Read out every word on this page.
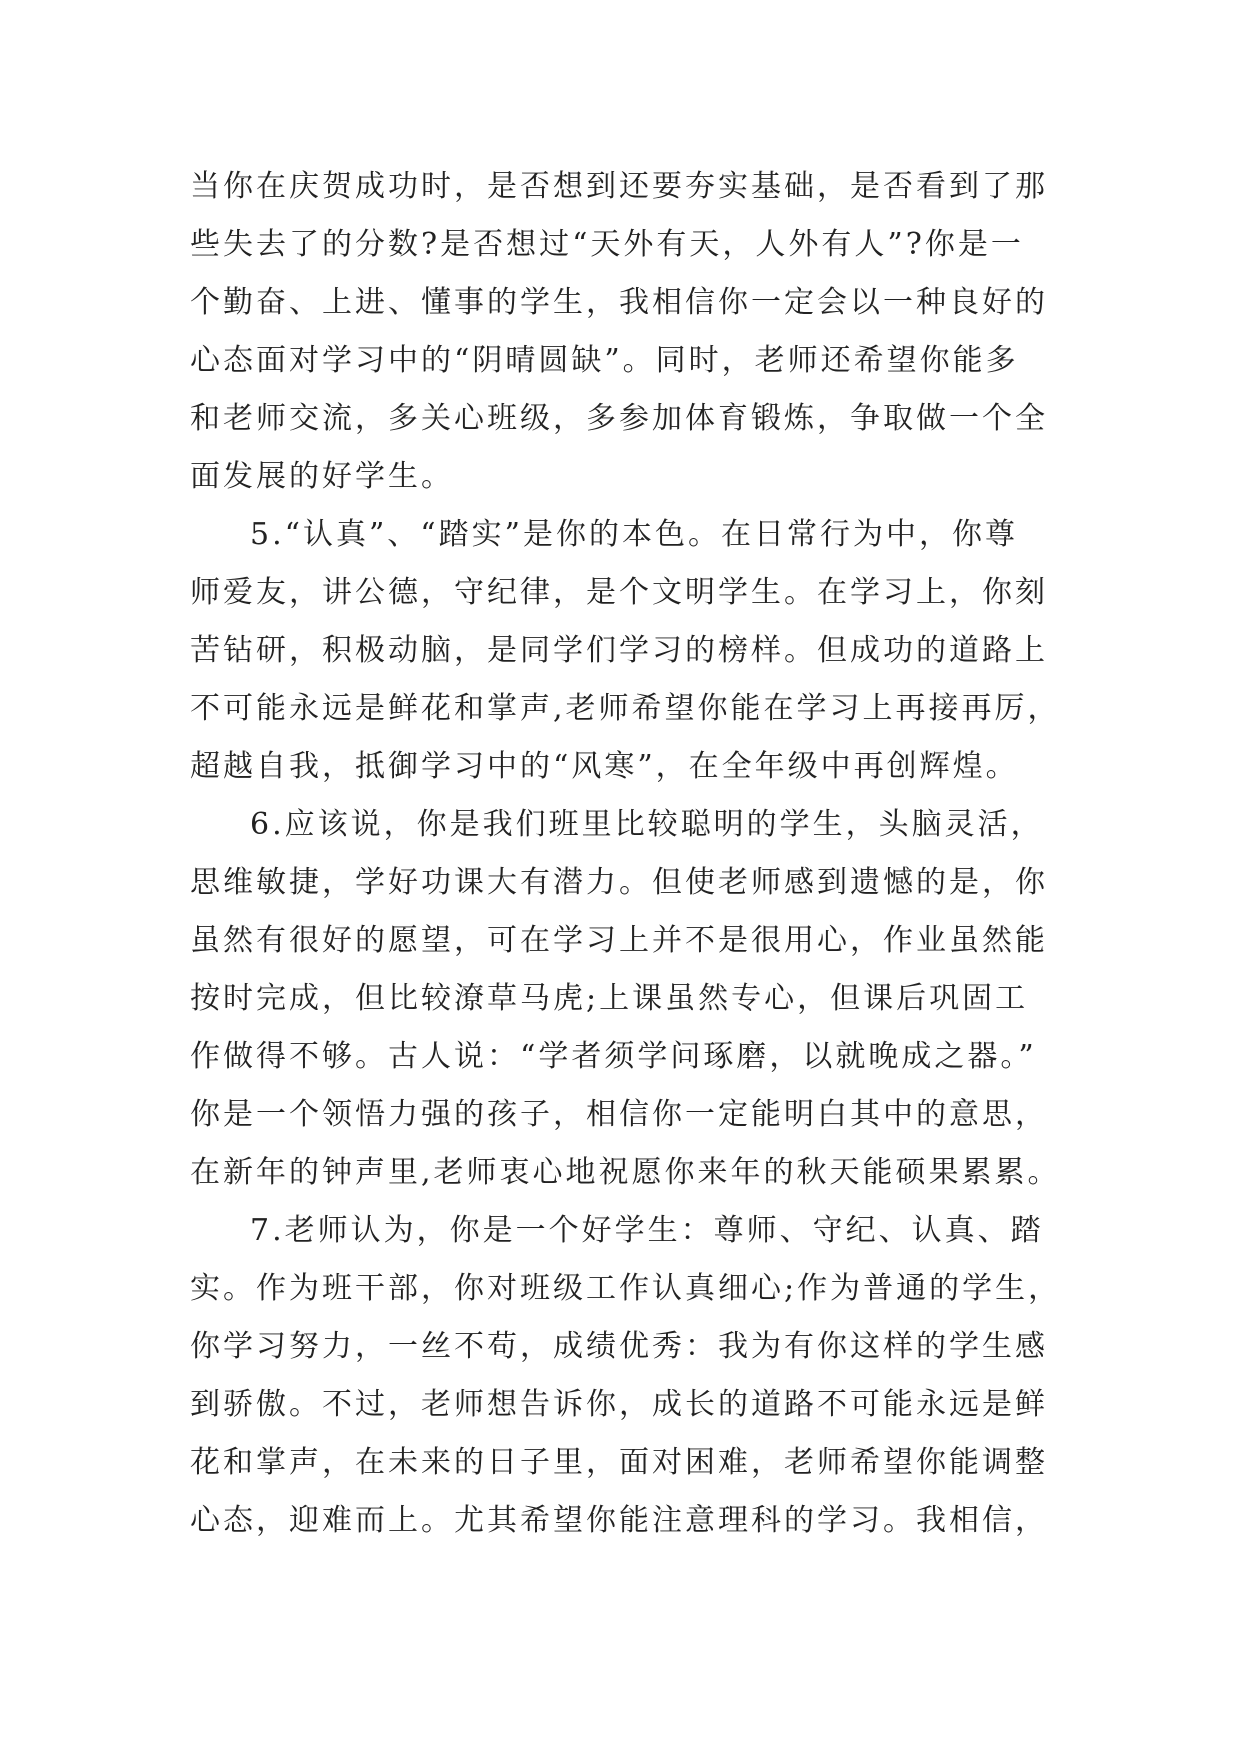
当你在庆贺成功时，是否想到还要夯实基础，是否看到了那
些失去了的分数?是否想过“天外有天，人外有人”?你是一
个勤奋、上进、懂事的学生，我相信你一定会以一种良好的
心态面对学习中的“阴晴圆缺”。同时，老师还希望你能多
和老师交流，多关心班级，多参加体育锻炼，争取做一个全
面发展的好学生。
5.“认真”、“踏实”是你的本色。在日常行为中，你尊
师爱友，讲公德，守纪律，是个文明学生。在学习上，你刻
苦钻研，积极动脑，是同学们学习的榜样。但成功的道路上
不可能永远是鲜花和掌声,老师希望你能在学习上再接再厉，
超越自我，抵御学习中的“风寒”，在全年级中再创辉煌。
6.应该说，你是我们班里比较聪明的学生，头脑灵活，
思维敏捷，学好功课大有潜力。但使老师感到遗憾的是，你
虽然有很好的愿望，可在学习上并不是很用心，作业虽然能
按时完成，但比较潦草马虎;上课虽然专心，但课后巩固工
作做得不够。古人说：“学者须学问琢磨，以就晚成之器。”
你是一个领悟力强的孩子，相信你一定能明白其中的意思，
在新年的钟声里,老师衷心地祝愿你来年的秋天能硕果累累。
7.老师认为，你是一个好学生：尊师、守纪、认真、踏
实。作为班干部，你对班级工作认真细心;作为普通的学生，
你学习努力，一丝不苟，成绩优秀：我为有你这样的学生感
到骄傲。不过，老师想告诉你，成长的道路不可能永远是鲜
花和掌声，在未来的日子里，面对困难，老师希望你能调整
心态，迎难而上。尤其希望你能注意理科的学习。我相信，
